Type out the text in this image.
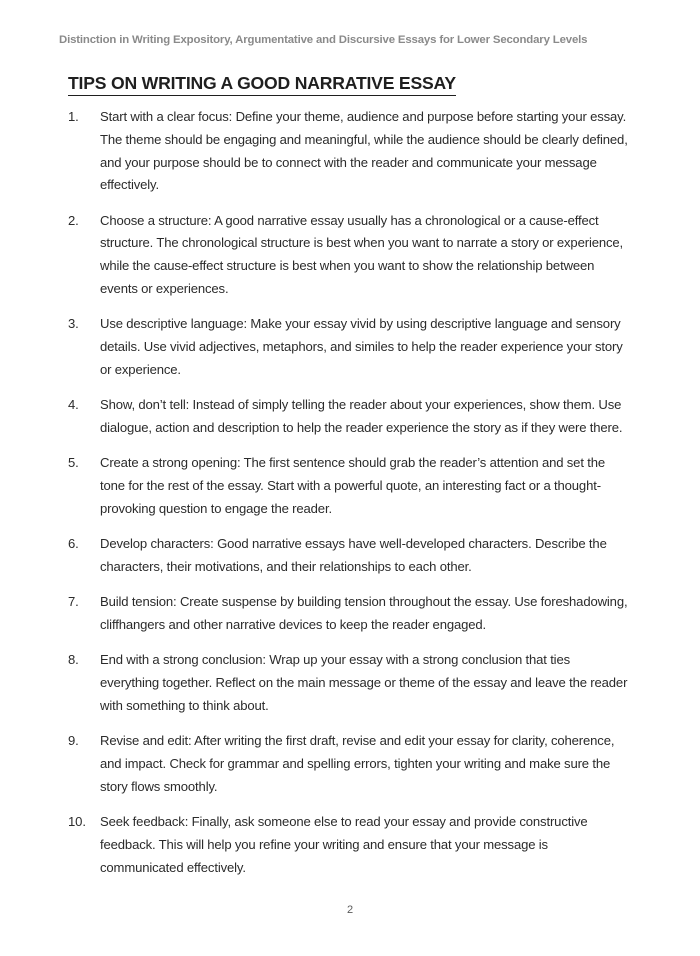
Distinction in Writing Expository, Argumentative and Discursive Essays for Lower Secondary Levels
TIPS ON WRITING A GOOD NARRATIVE ESSAY
1.	Start with a clear focus: Define your theme, audience and purpose before starting your essay. The theme should be engaging and meaningful, while the audience should be clearly defined, and your purpose should be to connect with the reader and communicate your message effectively.
2.	Choose a structure: A good narrative essay usually has a chronological or a cause-effect structure. The chronological structure is best when you want to narrate a story or experience, while the cause-effect structure is best when you want to show the relationship between events or experiences.
3.	Use descriptive language: Make your essay vivid by using descriptive language and sensory details. Use vivid adjectives, metaphors, and similes to help the reader experience your story or experience.
4.	Show, don’t tell: Instead of simply telling the reader about your experiences, show them. Use dialogue, action and description to help the reader experience the story as if they were there.
5.	Create a strong opening: The first sentence should grab the reader’s attention and set the tone for the rest of the essay. Start with a powerful quote, an interesting fact or a thought-provoking question to engage the reader.
6.	Develop characters: Good narrative essays have well-developed characters. Describe the characters, their motivations, and their relationships to each other.
7.	Build tension: Create suspense by building tension throughout the essay. Use foreshadowing, cliffhangers and other narrative devices to keep the reader engaged.
8.	End with a strong conclusion: Wrap up your essay with a strong conclusion that ties everything together. Reflect on the main message or theme of the essay and leave the reader with something to think about.
9.	Revise and edit: After writing the first draft, revise and edit your essay for clarity, coherence, and impact. Check for grammar and spelling errors, tighten your writing and make sure the story flows smoothly.
10.	Seek feedback: Finally, ask someone else to read your essay and provide constructive feedback. This will help you refine your writing and ensure that your message is communicated effectively.
2
